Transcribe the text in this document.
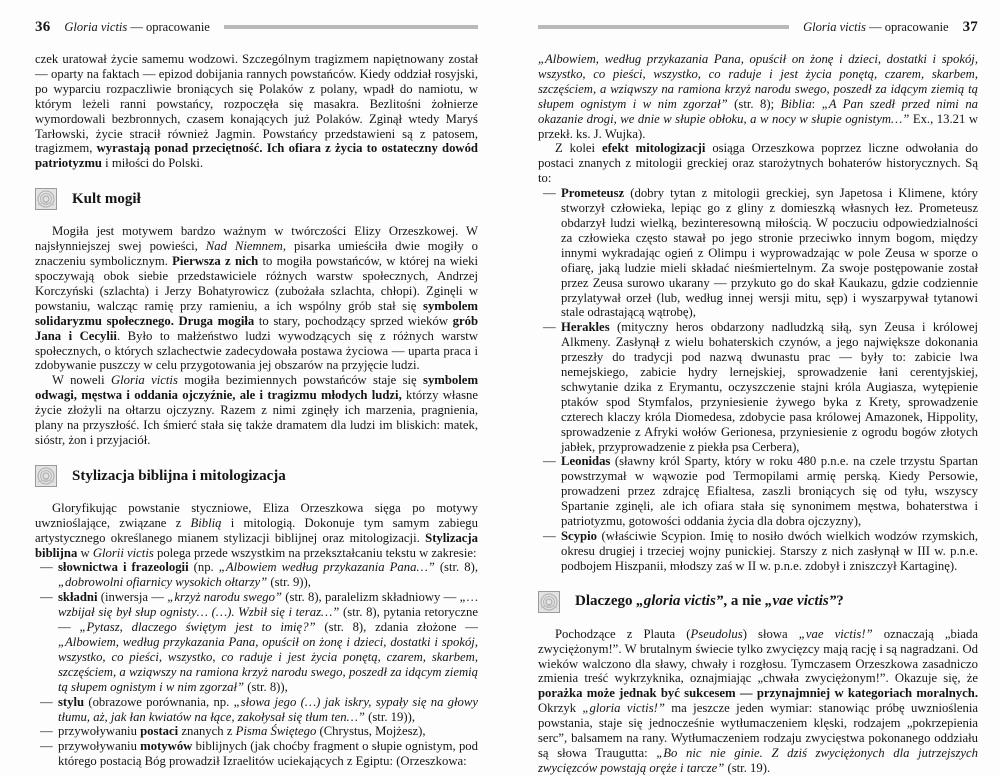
36 Gloria victis — opracowanie

czek uratował życie samemu wodzowi. Szczególnym tragizmem napiętnowany został — oparty na faktach — epizod dobijania rannych powstańców. Kiedy oddział rosyjski, po wyparciu rozpaczliwie broniących się Polaków z polany, wpadł do namiotu, w którym leżeli ranni powstańcy, rozpoczęła się masakra. Bezlitośni żołnierze wymordowali bezbronnych, czasem konających już Polaków. Zginął wtedy Maryś Tarłowski, życie stracił również Jagmin. Powstańcy przedstawieni są z patosem, tragizmem, wyrastają ponad przeciętność. Ich ofiara z życia to ostateczny dowód patriotyzmu i miłości do Polski.

Kult mogił

Mogiła jest motywem bardzo ważnym w twórczości Elizy Orzeszkowej. W najsłynniejszej swej powieści, Nad Niemnem, pisarka umieściła dwie mogiły o znaczeniu symbolicznym. Pierwsza z nich to mogiła powstańców, w której na wieki spoczywają obok siebie przedstawiciele różnych warstw społecznych, Andrzej Korczyński (szlachta) i Jerzy Bohatyrowicz (zubożała szlachta, chłopi). Zginęli w powstaniu, walcząc ramię przy ramieniu, a ich wspólny grób stał się symbolem solidaryzmu społecznego. Druga mogiła to stary, pochodzący sprzed wieków grób Jana i Cecylii. Było to małżeństwo ludzi wywodzących się z różnych warstw społecznych, o których szlachectwie zadecydowała postawa życiowa — uparta praca i zdobywanie puszczy w celu przygotowania jej obszarów na przyjęcie ludzi.

W noweli Gloria victis mogiła bezimiennych powstańców staje się symbolem odwagi, męstwa i oddania ojczyźnie, ale i tragizmu młodych ludzi, którzy własne życie złożyli na ołtarzu ojczyzny. Razem z nimi zginęły ich marzenia, pragnienia, plany na przyszłość. Ich śmierć stała się także dramatem dla ludzi im bliskich: matek, sióstr, żon i przyjaciół.

Stylizacja biblijna i mitologizacja

Gloryfikując powstanie styczniowe, Eliza Orzeszkowa sięga po motywy uwznioślające, związane z Biblią i mitologią. Dokonuje tym samym zabiegu artystycznego określanego mianem stylizacji biblijnej oraz mitologizacji. Stylizacja biblijna w Glorii victis polega przede wszystkim na przekształcaniu tekstu w zakresie:

— słownictwa i frazeologii (np. „Albowiem według przykazania Pana…” (str. 8), „dobrowolni ofiarnicy wysokich ołtarzy” (str. 9)),
— składni (inwersja — „krzyż narodu swego” (str. 8), paralelizm składniowy — „…wzbijał się był słup ognisty… (…). Wzbił się i teraz…” (str. 8), pytania retoryczne — „Pytasz, dlaczego świętym jest to imię?” (str. 8), zdania złożone — „Albowiem, według przykazania Pana, opuścił on żonę i dzieci, dostatki i spokój, wszystko, co pieści, wszystko, co raduje i jest życia ponętą, czarem, skarbem, szczęściem, a wziąwszy na ramiona krzyż narodu swego, poszedł za idącym ziemią tą słupem ognistym i w nim zgorzał” (str. 8)),
— stylu (obrazowe porównania, np. „słowa jego (…) jak iskry, sypały się na głowy tłumu, aż, jak łan kwiatów na łące, zakołysał się tłum ten…” (str. 19)),
— przywoływaniu postaci znanych z Pisma Świętego (Chrystus, Mojżesz),
— przywoływaniu motywów biblijnych (jak choćby fragment o słupie ognistym, pod którego postacią Bóg prowadził Izraelitów uciekających z Egiptu: (Orzeszkowa:
Gloria victis — opracowanie 37

„Albowiem, według przykazania Pana, opuścił on żonę i dzieci, dostatki i spokój, wszystko, co pieści, wszystko, co raduje i jest życia ponętą, czarem, skarbem, szczęściem, a wziąwszy na ramiona krzyż narodu swego, poszedł za idącym ziemią tą słupem ognistym i w nim zgorzał” (str. 8); Biblia: „A Pan szedł przed nimi na okazanie drogi, we dnie w słupie obłoku, a w nocy w słupie ognistym…” Ex., 13.21 w przekł. ks. J. Wujka).

Z kolei efekt mitologizacji osiąga Orzeszkowa poprzez liczne odwołania do postaci znanych z mitologii greckiej oraz starożytnych bohaterów historycznych. Są to:

— Prometeusz (dobry tytan z mitologii greckiej, syn Japetosa i Klimene, który stworzył człowieka, lepiąc go z gliny z domieszką własnych łez. Prometeusz obdarzył ludzi wielką, bezinteresowną miłością. W poczuciu odpowiedzialności za człowieka często stawał po jego stronie przeciwko innym bogom, między innymi wykradając ogień z Olimpu i wyprowadzając w pole Zeusa w sporze o ofiarę, jaką ludzie mieli składać nieśmiertelnym. Za swoje postępowanie został przez Zeusa surowo ukarany — przykuto go do skał Kaukazu, gdzie codziennie przylatywał orzeł (lub, według innej wersji mitu, sęp) i wyszarpywał tytanowi stale odrastającą wątrobę),
— Herakles (mityczny heros obdarzony nadludzką siłą, syn Zeusa i królowej Alkmeny. Zasłynął z wielu bohaterskich czynów, a jego największe dokonania przeszły do tradycji pod nazwą dwunastu prac — były to: zabicie lwa nemejskiego, zabicie hydry lernejskiej, sprowadzenie łani cerentyjskiej, schwytanie dzika z Erymantu, oczyszczenie stajni króla Augiasza, wytępienie ptaków spod Stymfalos, przyniesienie żywego byka z Krety, sprowadzenie czterech klaczy króla Diomedesa, zdobycie pasa królowej Amazonek, Hippolity, sprowadzenie z Afryki wołów Gerionesa, przyniesienie z ogrodu bogów złotych jabłek, przyprowadzenie z piekła psa Cerbera),
— Leonidas (sławny król Sparty, który w roku 480 p.n.e. na czele trzystu Spartan powstrzymał w wąwozie pod Termopilami armię perską. Kiedy Persowie, prowadzeni przez zdrajcę Efialtesa, zaszli broniących się od tyłu, wszyscy Spartanie zginęli, ale ich ofiara stała się synonimem męstwa, bohaterstwa i patriotyzmu, gotowości oddania życia dla dobra ojczyzny),
— Scypio (właściwie Scypion. Imię to nosiło dwóch wielkich wodzów rzymskich, okresu drugiej i trzeciej wojny punickiej. Starszy z nich zasłynął w III w. p.n.e. podbojem Hiszpanii, młodszy zaś w II w. p.n.e. zdobył i zniszczył Kartaginę).
Dlaczego „gloria victis”, a nie „vae victis”?

Pochodzące z Plauta (Pseudolus) słowa „vae victis!” oznaczają „biada zwyciężonym!”. W brutalnym świecie tylko zwycięzcy mają rację i są nagradzani. Od wieków walczono dla sławy, chwały i rozgłosu. Tymczasem Orzeszkowa zasadniczo zmienia treść wykrzyknika, oznajmiając „chwała zwyciężonym!”. Okazuje się, że porażka może jednak być sukcesem — przynajmniej w kategoriach moralnych. Okrzyk „gloria victis!” ma jeszcze jeden wymiar: stanowiąc próbę uwznioślenia powstania, staje się jednocześnie wytłumaczeniem klęski, rodzajem „pokrzepienia serc”, balsamem na rany. Wytłumaczeniem rodzaju zwycięstwa pokonanego oddziału są słowa Traugutta: „Bo nic nie ginie. Z dziś zwyciężonych dla jutrzejszych zwycięzców powstają oręże i tarcze” (str. 19).
